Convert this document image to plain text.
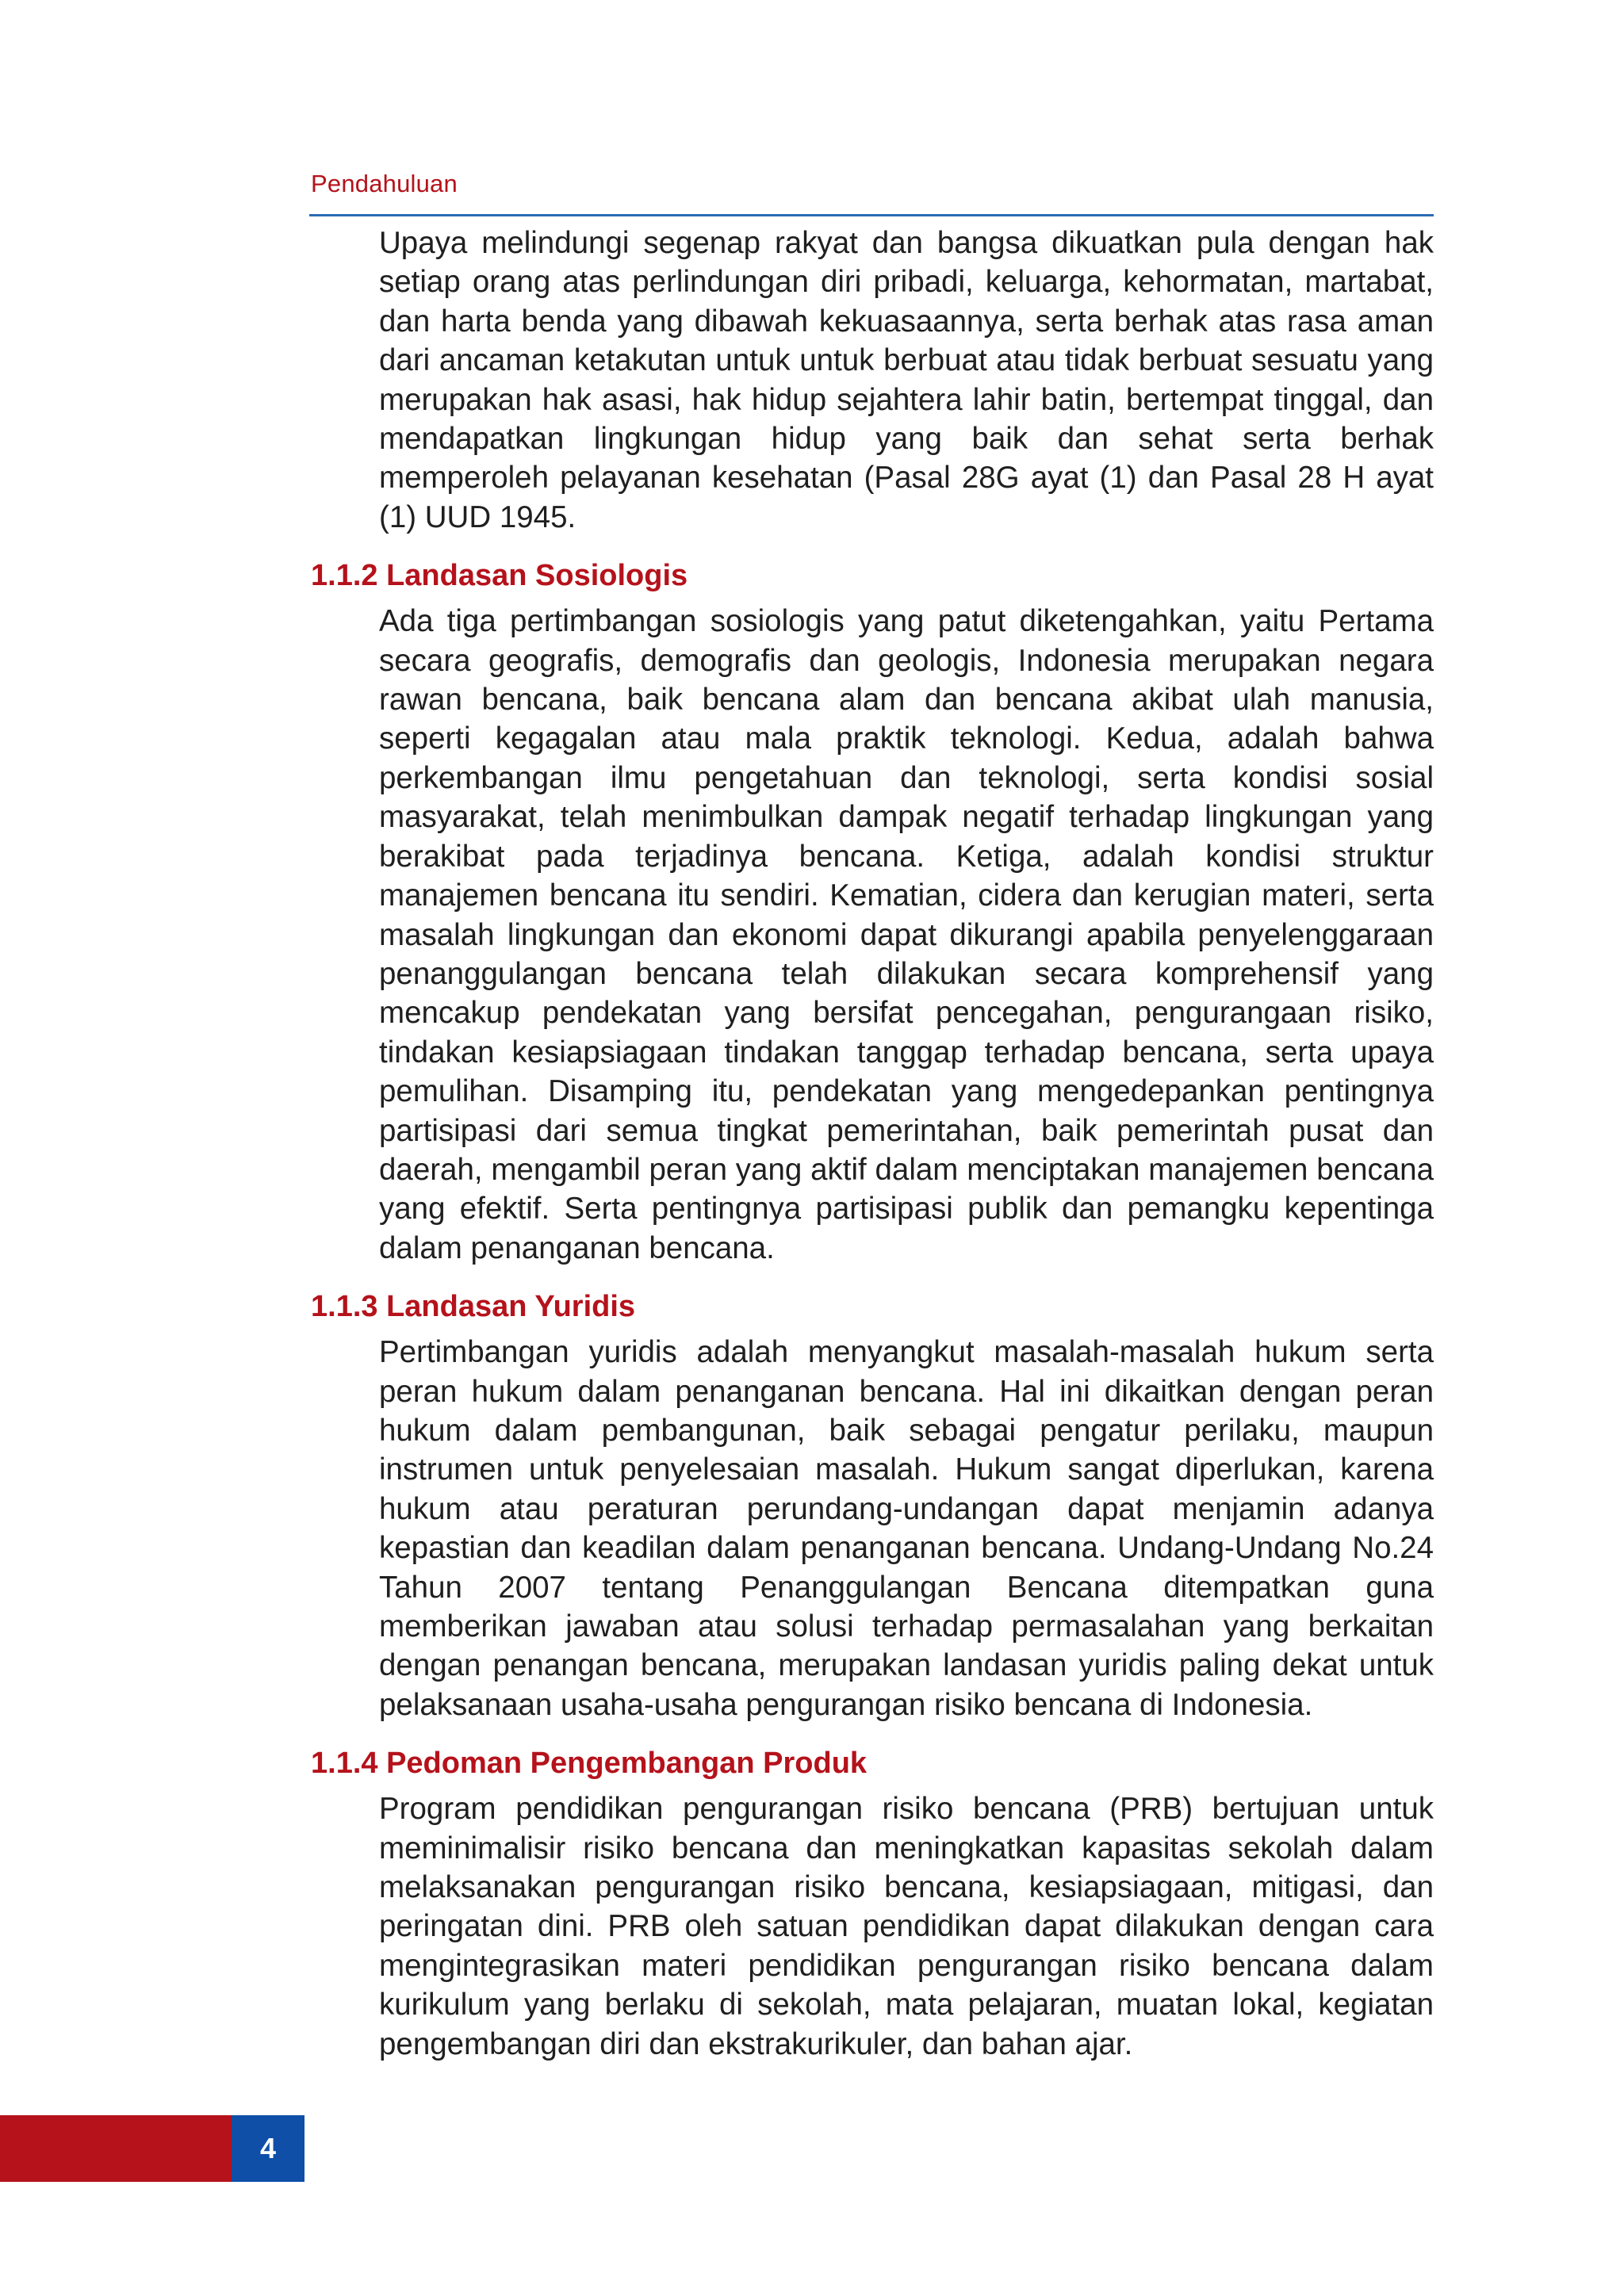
Pendahuluan

Upaya melindungi segenap rakyat dan bangsa dikuatkan pula dengan hak setiap orang atas perlindungan diri pribadi, keluarga, kehormatan, martabat, dan harta benda yang dibawah kekuasaannya, serta berhak atas rasa aman dari ancaman ketakutan untuk untuk berbuat atau tidak berbuat sesuatu yang merupakan hak asasi, hak hidup sejahtera lahir batin, bertempat tinggal, dan mendapatkan lingkungan hidup yang baik dan sehat serta berhak memperoleh pelayanan kesehatan (Pasal 28G ayat (1) dan Pasal 28 H ayat (1) UUD 1945.

1.1.2 Landasan Sosiologis

Ada tiga pertimbangan sosiologis yang patut diketengahkan, yaitu Pertama secara geografis, demografis dan geologis, Indonesia merupakan negara rawan bencana, baik bencana alam dan bencana akibat ulah manusia, seperti kegagalan atau mala praktik teknologi. Kedua, adalah bahwa perkembangan ilmu pengetahuan dan teknologi, serta kondisi sosial masyarakat, telah menimbulkan dampak negatif terhadap lingkungan yang berakibat pada terjadinya bencana. Ketiga, adalah kondisi struktur manajemen bencana itu sendiri. Kematian, cidera dan kerugian materi, serta masalah lingkungan dan ekonomi dapat dikurangi apabila penyelenggaraan penanggulangan bencana telah dilakukan secara komprehensif yang mencakup pendekatan yang bersifat pencegahan, pengurangaan risiko, tindakan kesiapsiagaan tindakan tanggap terhadap bencana, serta upaya pemulihan. Disamping itu, pendekatan yang mengedepankan pentingnya partisipasi dari semua tingkat pemerintahan, baik pemerintah pusat dan daerah, mengambil peran yang aktif dalam menciptakan manajemen bencana yang efektif. Serta pentingnya partisipasi publik dan pemangku kepentinga dalam penanganan bencana.

1.1.3 Landasan Yuridis

Pertimbangan yuridis adalah menyangkut masalah-masalah hukum serta peran hukum dalam penanganan bencana. Hal ini dikaitkan dengan peran hukum dalam pembangunan, baik sebagai pengatur perilaku, maupun instrumen untuk penyelesaian masalah. Hukum sangat diperlukan, karena hukum atau peraturan perundang-undangan dapat menjamin adanya kepastian dan keadilan dalam penanganan bencana. Undang-Undang No.24 Tahun 2007 tentang Penanggulangan Bencana ditempatkan guna memberikan jawaban atau solusi terhadap permasalahan yang berkaitan dengan penangan bencana, merupakan landasan yuridis paling dekat untuk pelaksanaan usaha-usaha pengurangan risiko bencana di Indonesia.

1.1.4 Pedoman Pengembangan Produk

Program pendidikan pengurangan risiko bencana (PRB) bertujuan untuk meminimalisir risiko bencana dan meningkatkan kapasitas sekolah dalam melaksanakan pengurangan risiko bencana, kesiapsiagaan, mitigasi, dan peringatan dini. PRB oleh satuan pendidikan dapat dilakukan dengan cara mengintegrasikan materi pendidikan pengurangan risiko bencana dalam kurikulum yang berlaku di sekolah, mata pelajaran, muatan lokal, kegiatan pengembangan diri dan ekstrakurikuler, dan bahan ajar.

4
